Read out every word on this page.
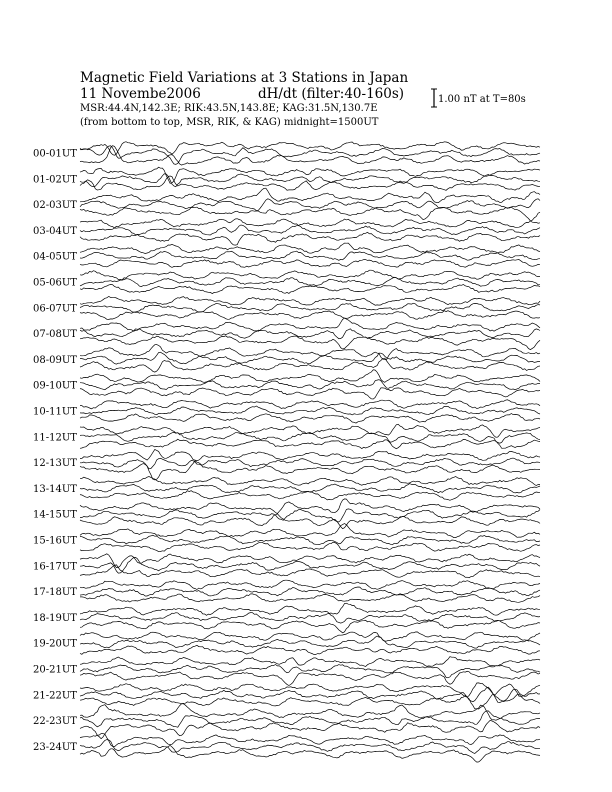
Magnetic Field Variations at 3 Stations in Japan
11 Novembe2006	dH/dt (filter:40-160s)
MSR:44.4N,142.3E; RIK:43.5N,143.8E; KAG:31.5N,130.7E
(from bottom to top, MSR, RIK, & KAG) midnight=1500UT
1.00 nT at T=80s
00-01UT
01-02UT
02-03UT
03-04UT
04-05UT
05-06UT
06-07UT
07-08UT
08-09UT
09-10UT
10-11UT
11-12UT
12-13UT
13-14UT
14-15UT
15-16UT
16-17UT
17-18UT
18-19UT
19-20UT
20-21UT
21-22UT
22-23UT
23-24UT
